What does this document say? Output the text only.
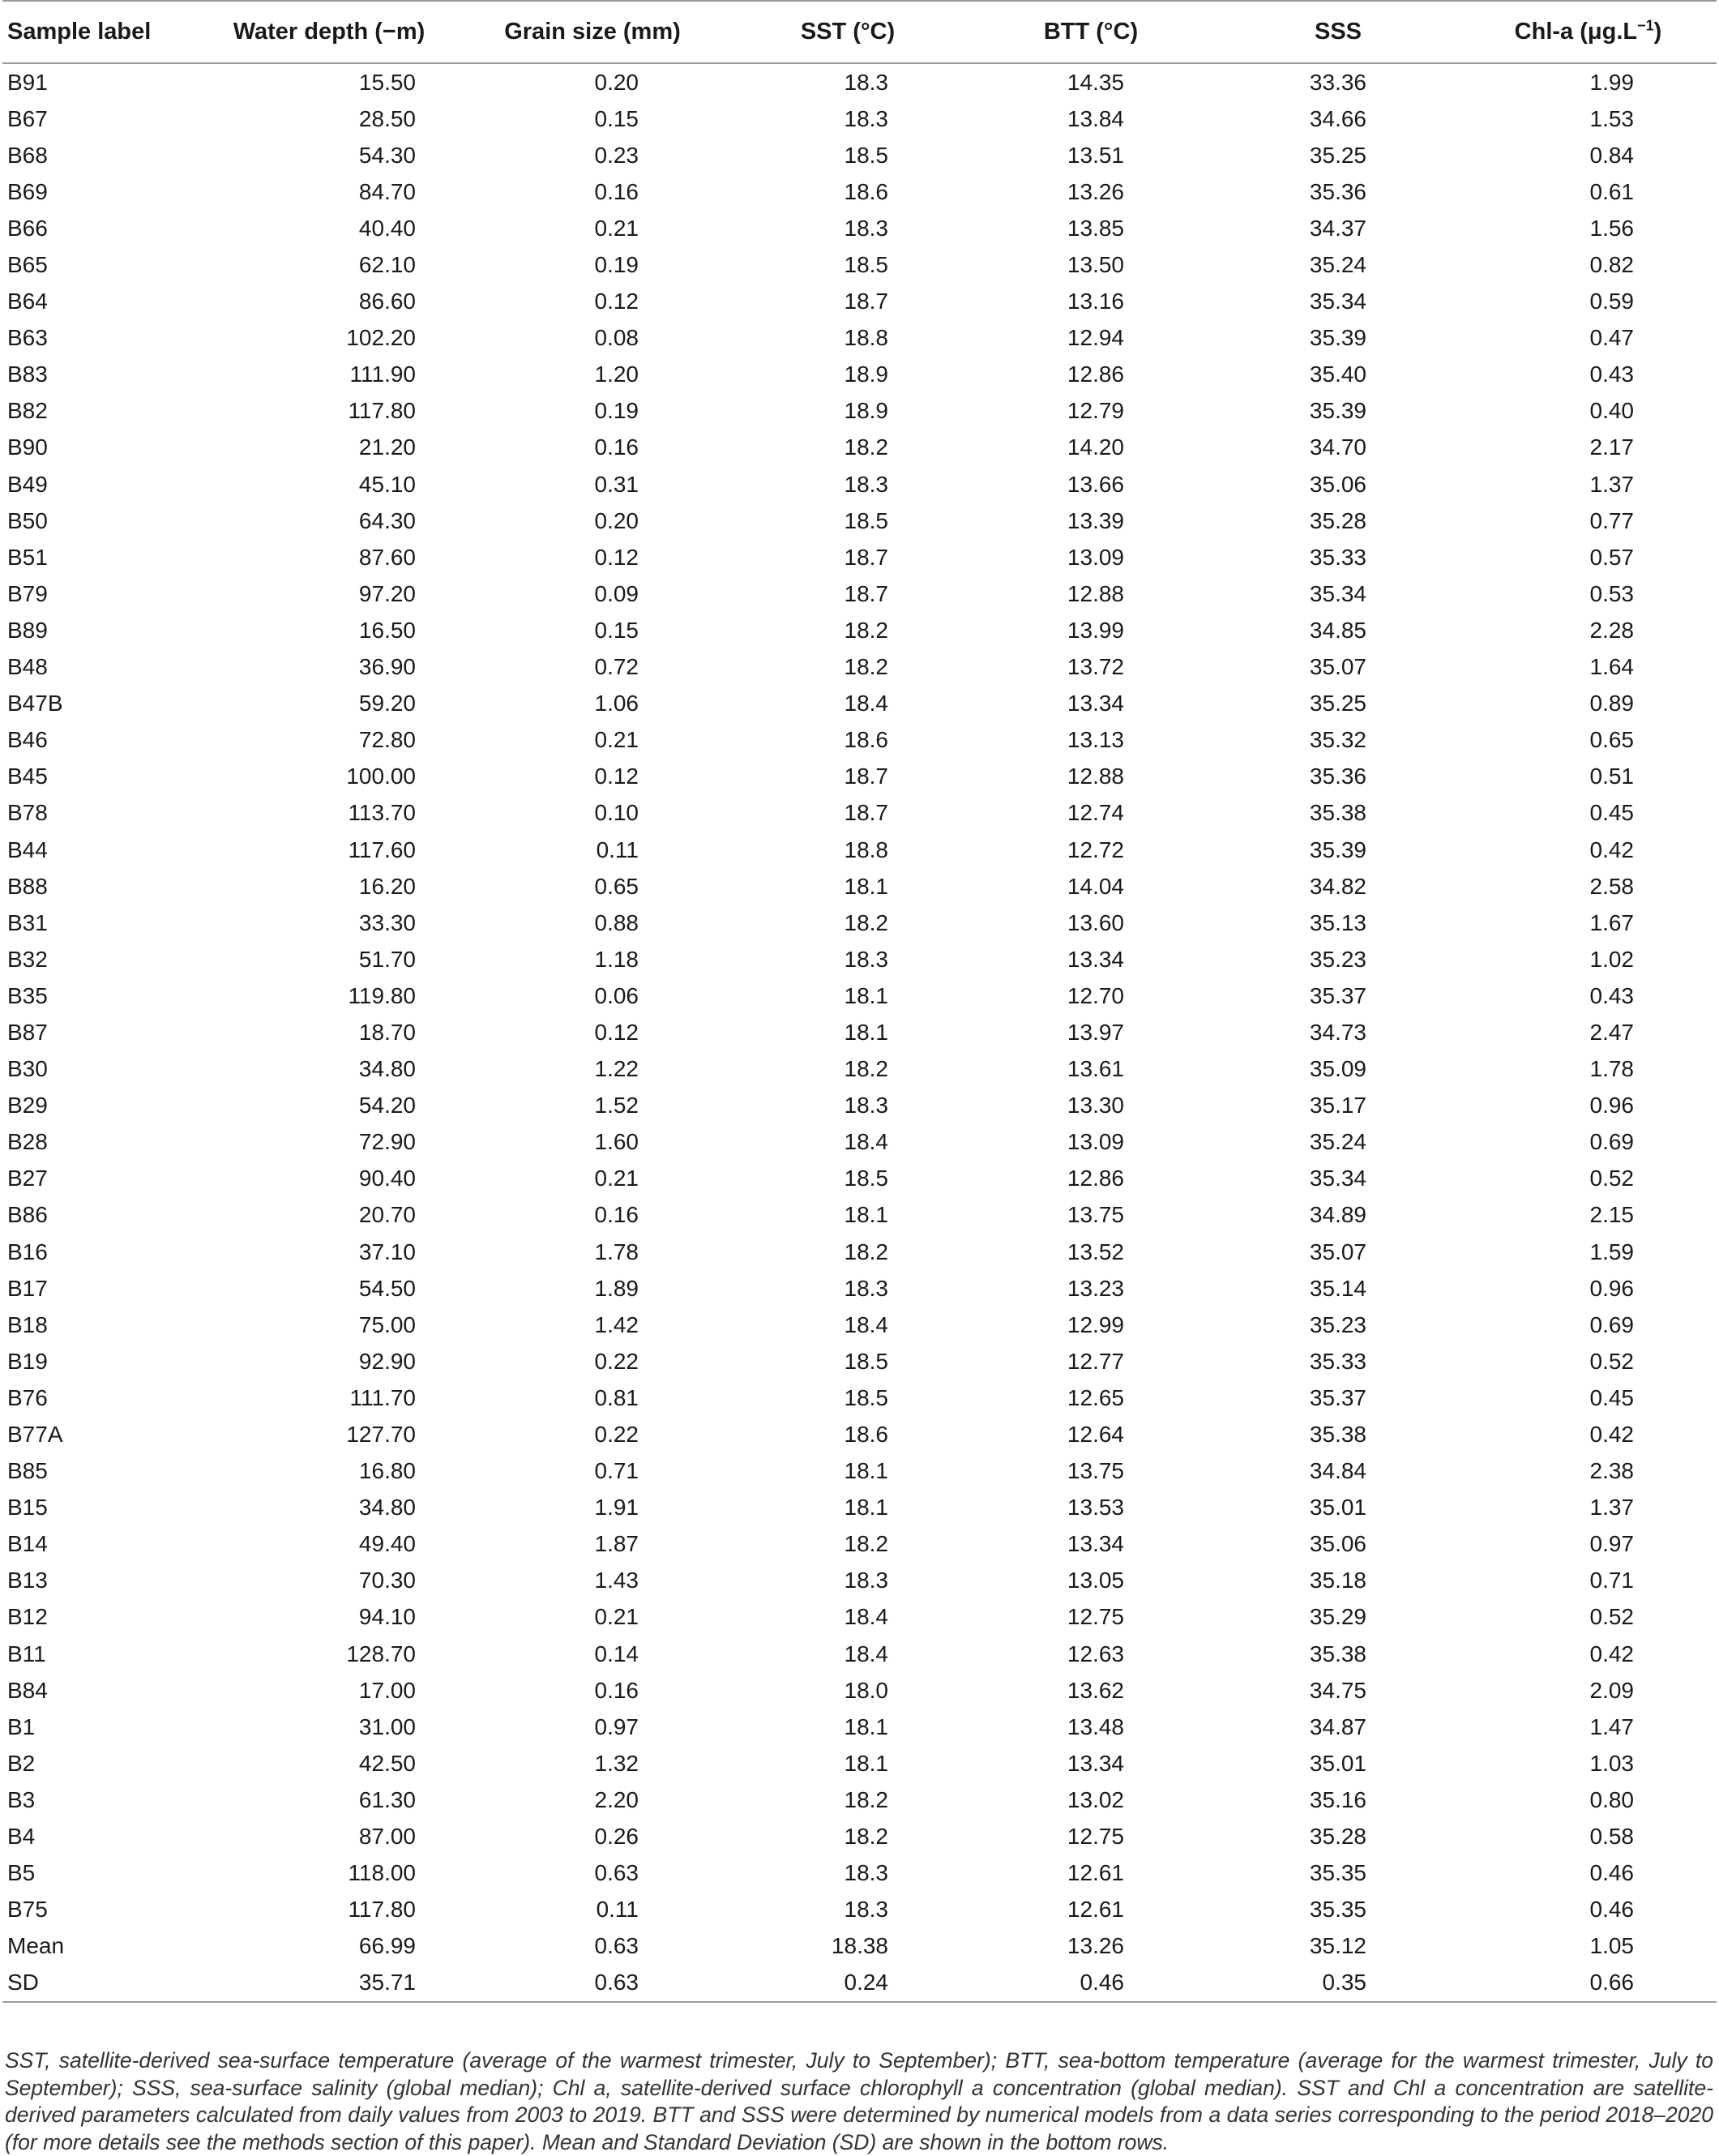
Sample label	Water depth (−m)	Grain size (mm)	SST (°C)	BTT (°C)	SSS	Chl-a $(\mu g.L^{-1})$
B91	15.50	0.20	18.3	14.35	33.36	1.99
B67	28.50	0.15	18.3	13.84	34.66	1.53
B68	54.30	0.23	18.5	13.51	35.25	0.84
B69	84.70	0.16	18.6	13.26	35.36	0.61
B66	40.40	0.21	18.3	13.85	34.37	1.56
B65	62.10	0.19	18.5	13.50	35.24	0.82
B64	86.60	0.12	18.7	13.16	35.34	0.59
B63	102.20	0.08	18.8	12.94	35.39	0.47
B83	111.90	1.20	18.9	12.86	35.40	0.43
B82	117.80	0.19	18.9	12.79	35.39	0.40
B90	21.20	0.16	18.2	14.20	34.70	2.17
B49	45.10	0.31	18.3	13.66	35.06	1.37
B50	64.30	0.20	18.5	13.39	35.28	0.77
B51	87.60	0.12	18.7	13.09	35.33	0.57
B79	97.20	0.09	18.7	12.88	35.34	0.53
B89	16.50	0.15	18.2	13.99	34.85	2.28
B48	36.90	0.72	18.2	13.72	35.07	1.64
B47B	59.20	1.06	18.4	13.34	35.25	0.89
B46	72.80	0.21	18.6	13.13	35.32	0.65
B45	100.00	0.12	18.7	12.88	35.36	0.51
B78	113.70	0.10	18.7	12.74	35.38	0.45
B44	117.60	0.11	18.8	12.72	35.39	0.42
B88	16.20	0.65	18.1	14.04	34.82	2.58
B31	33.30	0.88	18.2	13.60	35.13	1.67
B32	51.70	1.18	18.3	13.34	35.23	1.02
B35	119.80	0.06	18.1	12.70	35.37	0.43
B87	18.70	0.12	18.1	13.97	34.73	2.47
B30	34.80	1.22	18.2	13.61	35.09	1.78
B29	54.20	1.52	18.3	13.30	35.17	0.96
B28	72.90	1.60	18.4	13.09	35.24	0.69
B27	90.40	0.21	18.5	12.86	35.34	0.52
B86	20.70	0.16	18.1	13.75	34.89	2.15
B16	37.10	1.78	18.2	13.52	35.07	1.59
B17	54.50	1.89	18.3	13.23	35.14	0.96
B18	75.00	1.42	18.4	12.99	35.23	0.69
B19	92.90	0.22	18.5	12.77	35.33	0.52
B76	111.70	0.81	18.5	12.65	35.37	0.45
B77A	127.70	0.22	18.6	12.64	35.38	0.42
B85	16.80	0.71	18.1	13.75	34.84	2.38
B15	34.80	1.91	18.1	13.53	35.01	1.37
B14	49.40	1.87	18.2	13.34	35.06	0.97
B13	70.30	1.43	18.3	13.05	35.18	0.71
B12	94.10	0.21	18.4	12.75	35.29	0.52
B11	128.70	0.14	18.4	12.63	35.38	0.42
B84	17.00	0.16	18.0	13.62	34.75	2.09
B1	31.00	0.97	18.1	13.48	34.87	1.47
B2	42.50	1.32	18.1	13.34	35.01	1.03
B3	61.30	2.20	18.2	13.02	35.16	0.80
B4	87.00	0.26	18.2	12.75	35.28	0.58
B5	118.00	0.63	18.3	12.61	35.35	0.46
B75	117.80	0.11	18.3	12.61	35.35	0.46
Mean	66.99	0.63	18.38	13.26	35.12	1.05
SD	35.71	0.63	0.24	0.46	0.35	0.66
SST, satellite-derived sea-surface temperature (average of the warmest trimester, July to September); BTT, sea-bottom temperature (average for the warmest trimester, July to September); SSS, sea-surface salinity (global median); Chl a, satellite-derived surface chlorophyll a concentration (global median). SST and Chl a concentration are satellite-derived parameters calculated from daily values from 2003 to 2019. BTT and SSS were determined by numerical models from a data series corresponding to the period 2018–2020 (for more details see the methods section of this paper). Mean and Standard Deviation (SD) are shown in the bottom rows.
